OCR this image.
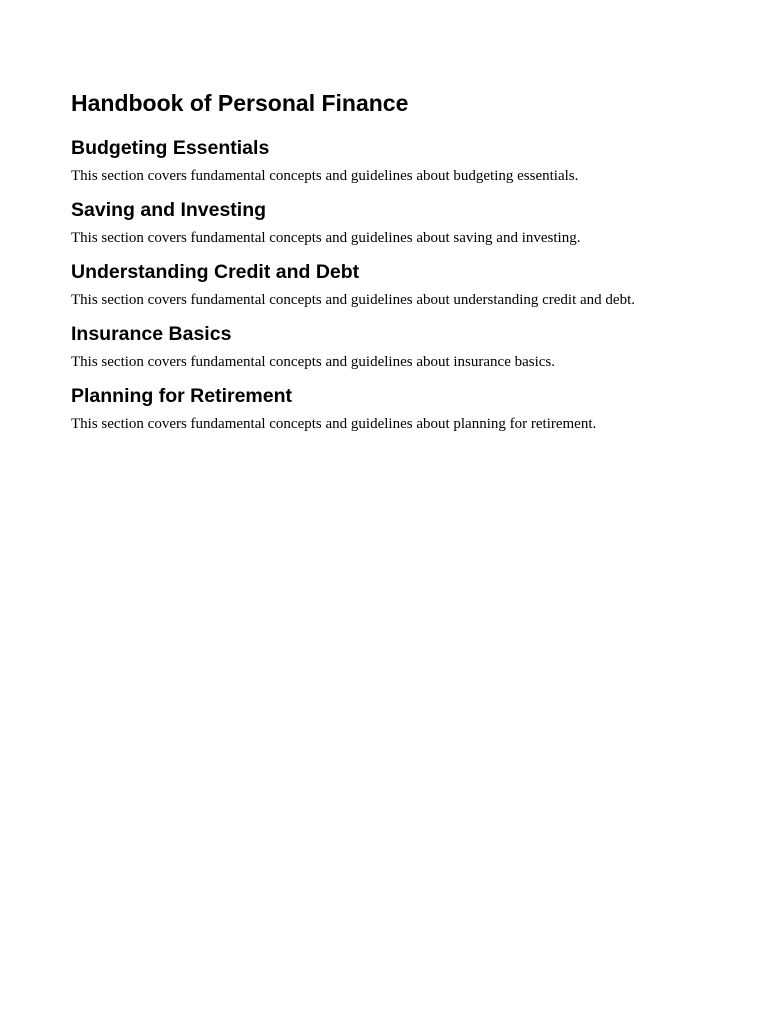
Handbook of Personal Finance
Budgeting Essentials

This section covers fundamental concepts and guidelines about budgeting essentials.

Saving and Investing

This section covers fundamental concepts and guidelines about saving and investing.

Understanding Credit and Debt

This section covers fundamental concepts and guidelines about understanding credit and debt.

Insurance Basics

This section covers fundamental concepts and guidelines about insurance basics.

Planning for Retirement

This section covers fundamental concepts and guidelines about planning for retirement.
